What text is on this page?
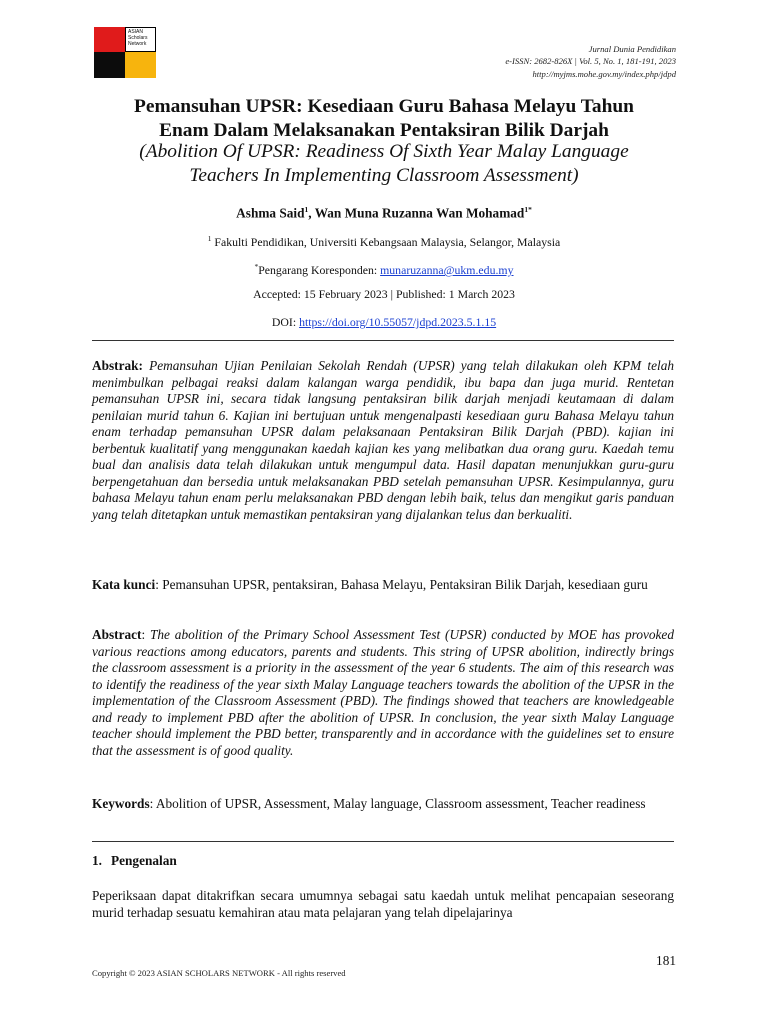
ASIAN
Scholars
Network	Jurnal Dunia Pendidikan
e-ISSN: 2682-826X | Vol. 5, No. 1, 181-191, 2023
http://myjms.mohe.gov.my/index.php/jdpd
Pemansuhan UPSR: Kesediaan Guru Bahasa Melayu Tahun
Enam Dalam Melaksanakan Pentaksiran Bilik Darjah
(Abolition Of UPSR: Readiness Of Sixth Year Malay Language
Teachers In Implementing Classroom Assessment)
Ashma Said$^1$, Wan Muna Ruzanna Wan Mohamad$^{1*}$
$^1$ Fakulti Pendidikan, Universiti Kebangsaan Malaysia, Selangor, Malaysia
*Pengarang Koresponden: munaruzanna@ukm.edu.my
Accepted: 15 February 2023 | Published: 1 March 2023
DOI: https://doi.org/10.55057/jdpd.2023.5.1.15
Abstrak: Pemansuhan Ujian Penilaian Sekolah Rendah (UPSR) yang telah dilakukan oleh KPM telah menimbulkan pelbagai reaksi dalam kalangan warga pendidik, ibu bapa dan juga murid. Rentetan pemansuhan UPSR ini, secara tidak langsung pentaksiran bilik darjah menjadi keutamaan di dalam penilaian murid tahun 6. Kajian ini bertujuan untuk mengenalpasti kesediaan guru Bahasa Melayu tahun enam terhadap pemansuhan UPSR dalam pelaksanaan Pentaksiran Bilik Darjah (PBD). kajian ini berbentuk kualitatif yang menggunakan kaedah kajian kes yang melibatkan dua orang guru. Kaedah temu bual dan analisis data telah dilakukan untuk mengumpul data. Hasil dapatan menunjukkan guru-guru berpengetahuan dan bersedia untuk melaksanakan PBD setelah pemansuhan UPSR. Kesimpulannya, guru bahasa Melayu tahun enam perlu melaksanakan PBD dengan lebih baik, telus dan mengikut garis panduan yang telah ditetapkan untuk memastikan pentaksiran yang dijalankan telus dan berkualiti.
Kata kunci: Pemansuhan UPSR, pentaksiran, Bahasa Melayu, Pentaksiran Bilik Darjah, kesediaan guru
Abstract: The abolition of the Primary School Assessment Test (UPSR) conducted by MOE has provoked various reactions among educators, parents and students. This string of UPSR abolition, indirectly brings the classroom assessment is a priority in the assessment of the year 6 students. The aim of this research was to identify the readiness of the year sixth Malay Language teachers towards the abolition of the UPSR in the implementation of the Classroom Assessment (PBD). The findings showed that teachers are knowledgeable and ready to implement PBD after the abolition of UPSR. In conclusion, the year sixth Malay Language teacher should implement the PBD better, transparently and in accordance with the guidelines set to ensure that the assessment is of good quality.
Keywords: Abolition of UPSR, Assessment, Malay language, Classroom assessment, Teacher readiness
1. Pengenalan
Peperiksaan dapat ditakrifkan secara umumnya sebagai satu kaedah untuk melihat pencapaian seseorang murid terhadap sesuatu kemahiran atau mata pelajaran yang telah dipelajarinya
181
Copyright © 2023 ASIAN SCHOLARS NETWORK - All rights reserved
